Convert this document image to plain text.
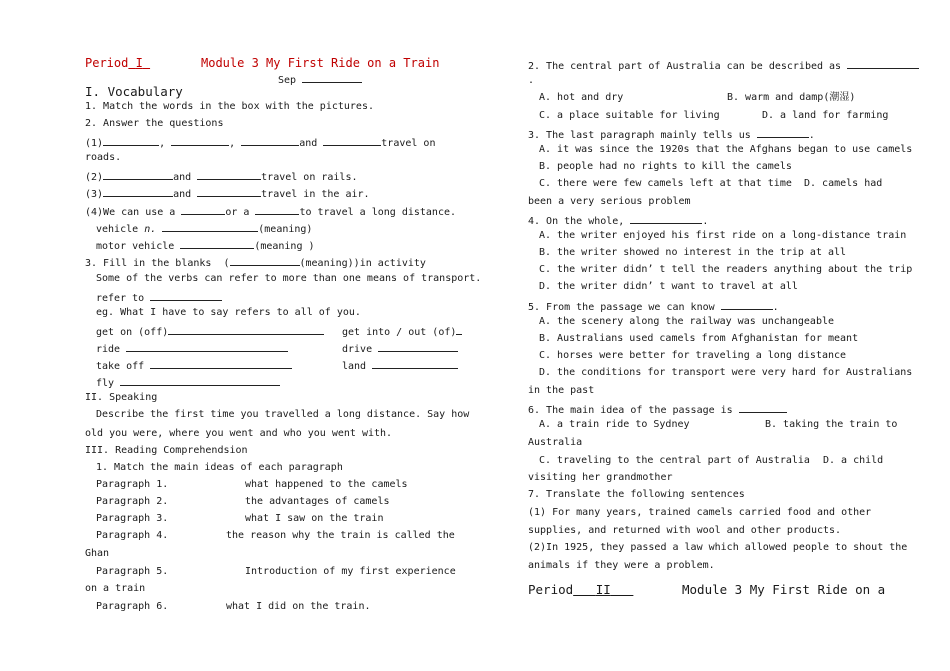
Period I	Module 3 My First Ride on a Train
Sep
I. Vocabulary
1. Match the words in the box with the pictures.
2. Answer the questions
(1)	,	,	and	travel on
roads.
(2)	and	travel on rails.
(3)	and	travel in the air.
(4)We can use a	or a	to travel a long distance.
vehicle n.	(meaning)
motor vehicle	(meaning )
3. Fill in the blanks  (	(meaning))in activity
Some of the verbs can refer to more than one means of transport.
refer to
eg. What I have to say refers to all of you.
get on (off)	get into / out (of)
ride	drive
take off	land
fly
II. Speaking
Describe the first time you travelled a long distance. Say how
old you were, where you went and who you went with.
III. Reading Comprehendsion
1. Match the main ideas of each paragraph
Paragraph 1.	what happened to the camels
Paragraph 2.	the advantages of camels
Paragraph 3.	what I saw on the train
Paragraph 4.	the reason why the train is called the
Ghan
Paragraph 5.	Introduction of my first experience
on a train
Paragraph 6.	what I did on the train.
2. The central part of Australia can be described as
.
A. hot and dry	B. warm and damp(潮湿)
C. a place suitable for living	D. a land for farming
3. The last paragraph mainly tells us	.
A. it was since the 1920s that the Afghans began to use camels
B. people had no rights to kill the camels
C. there were few camels left at that time D. camels had
been a very serious problem
4. On the whole,	.
A. the writer enjoyed his first ride on a long-distance train
B. the writer showed no interest in the trip at all
C. the writer didn’ t tell the readers anything about the trip
D. the writer didn’ t want to travel at all
5. From the passage we can know	.
A. the scenery along the railway was unchangeable
B. Australians used camels from Afghanistan for meant
C. horses were better for traveling a long distance
D. the conditions for transport were very hard for Australians
in the past
6. The main idea of the passage is
A. a train ride to Sydney	B. taking the train to
Australia
C. traveling to the central part of Australia D. a child
visiting her grandmother
7. Translate the following sentences
(1) For many years, trained camels carried food and other
supplies, and returned with wool and other products.
(2)In 1925, they passed a law which allowed people to shout the
animals if they were a problem.
Period II	Module 3 My First Ride on a
